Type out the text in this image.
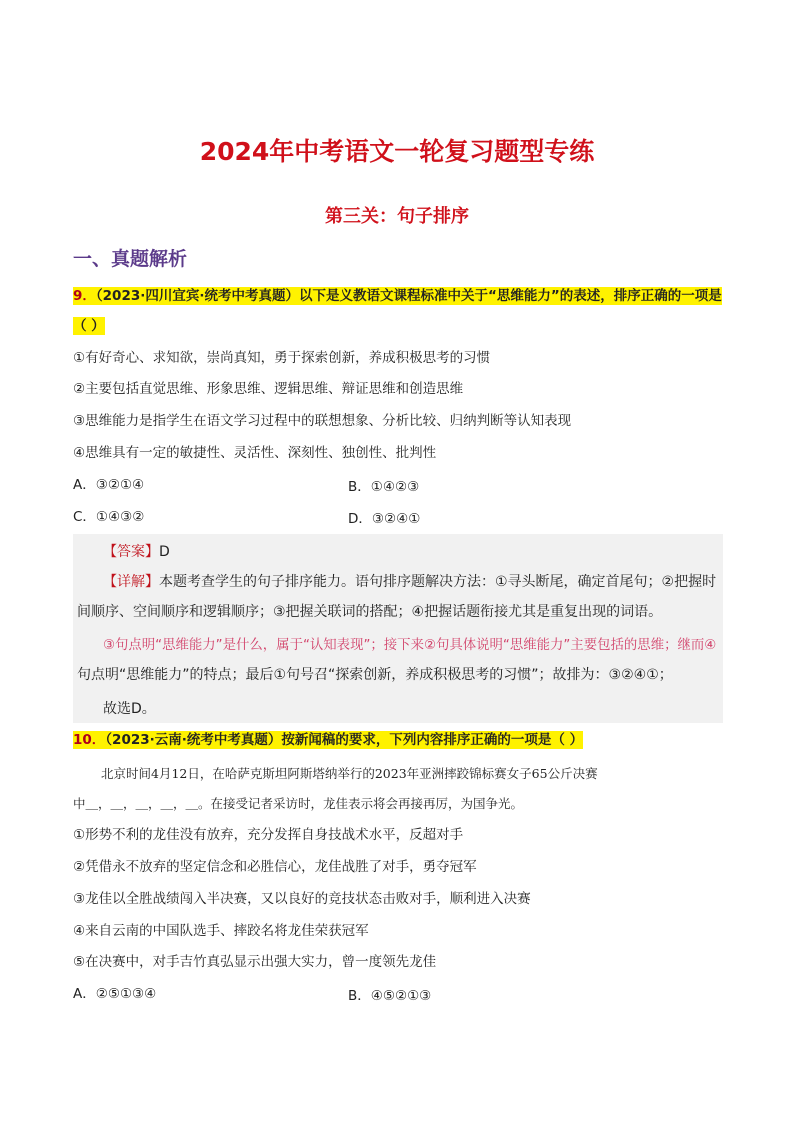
2024年中考语文一轮复习题型专练
第三关：句子排序
一、真题解析
9．（2023·四川宜宾·统考中考真题）以下是义教语文课程标准中关于“思维能力”的表述，排序正确的一项是
（ ）
①有好奇心、求知欲，崇尚真知，勇于探索创新，养成积极思考的习惯
②主要包括直觉思维、形象思维、逻辑思维、辩证思维和创造思维
③思维能力是指学生在语文学习过程中的联想想象、分析比较、归纳判断等认知表现
④思维具有一定的敏捷性、灵活性、深刻性、独创性、批判性
A．③②①④	B．①④②③
C．①④③②	D．③②④①
【答案】D
【详解】本题考查学生的句子排序能力。语句排序题解决方法：①寻头断尾，确定首尾句；②把握时
间顺序、空间顺序和逻辑顺序；③把握关联词的搭配；④把握话题衔接尤其是重复出现的词语。
③句点明“思维能力”是什么，属于“认知表现”；接下来②句具体说明“思维能力”主要包括的思维；继而④
句点明“思维能力”的特点；最后①句号召“探索创新，养成积极思考的习惯”；故排为：③②④①；
故选D。
10．（2023·云南·统考中考真题）按新闻稿的要求，下列内容排序正确的一项是（ ）
北京时间4月12日，在哈萨克斯坦阿斯塔纳举行的2023年亚洲摔跤锦标赛女子65公斤决赛
中＿，＿，＿，＿，＿。在接受记者采访时，龙佳表示将会再接再厉，为国争光。
①形势不利的龙佳没有放弃，充分发挥自身技战术水平，反超对手
②凭借永不放弃的坚定信念和必胜信心，龙佳战胜了对手，勇夺冠军
③龙佳以全胜战绩闯入半决赛，又以良好的竞技状态击败对手，顺利进入决赛
④来自云南的中国队选手、摔跤名将龙佳荣获冠军
⑤在决赛中，对手吉竹真弘显示出强大实力，曾一度领先龙佳
A．②⑤①③④	B．④⑤②①③
